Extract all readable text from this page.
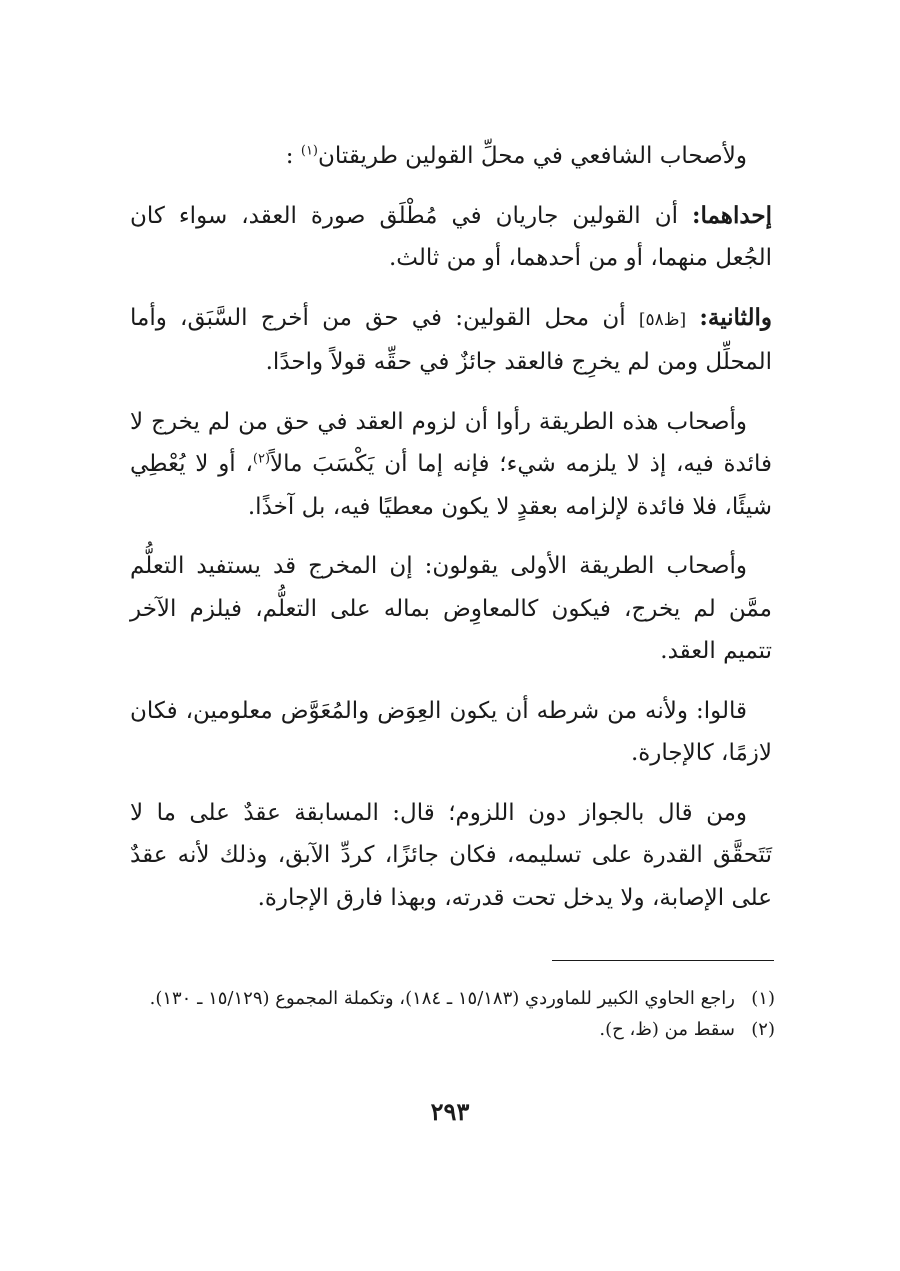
ولأصحاب الشافعي في محلِّ القولين طريقتان$^{(١)}$ :

إحداهما: أن القولين جاريان في مُطْلَق صورة العقد، سواء كان الجُعل منهما، أو من أحدهما، أو من ثالث.

والثانية: [ظ٥٨] أن محل القولين: في حق من أخرج السَّبَق، وأما المحلِّل ومن لم يخرِج فالعقد جائزٌ في حقِّه قولاً واحدًا.

وأصحاب هذه الطريقة رأوا أن لزوم العقد في حق من لم يخرج لا فائدة فيه، إذ لا يلزمه شيء؛ فإنه إما أن يَكْسَبَ مالاً$^{(٢)}$، أو لا يُعْطِي شيئًا، فلا فائدة لإلزامه بعقدٍ لا يكون معطيًا فيه، بل آخذًا.

وأصحاب الطريقة الأولى يقولون: إن المخرج قد يستفيد التعلُّم ممَّن لم يخرج، فيكون كالمعاوِض بماله على التعلُّم، فيلزم الآخر تتميم العقد.

قالوا: ولأنه من شرطه أن يكون العِوَض والمُعَوَّض معلومين، فكان لازمًا، كالإجارة.

ومن قال بالجواز دون اللزوم؛ قال: المسابقة عقدٌ على ما لا تَتَحقَّق القدرة على تسليمه، فكان جائزًا، كردِّ الآبق، وذلك لأنه عقدٌ على الإصابة، ولا يدخل تحت قدرته، وبهذا فارق الإجارة.

(١)
راجع الحاوي الكبير للماوردي (١٥/١٨٣ ـ ١٨٤)، وتكملة المجموع (١٥/١٢٩ ـ ١٣٠).
(٢)
سقط من (ظ، ح).
٢٩٣
